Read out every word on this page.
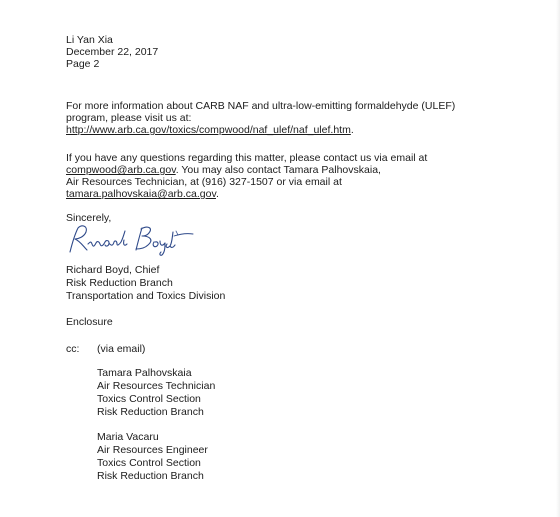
Li Yan Xia
December 22, 2017
Page 2
For more information about CARB NAF and ultra-low-emitting formaldehyde (ULEF)
program, please visit us at:
http://www.arb.ca.gov/toxics/compwood/naf_ulef/naf_ulef.htm.
If you have any questions regarding this matter, please contact us via email at
compwood@arb.ca.gov. You may also contact Tamara Palhovskaia,
Air Resources Technician, at (916) 327-1507 or via email at
tamara.palhovskaia@arb.ca.gov.
Sincerely,
Richard Boyd, Chief
Risk Reduction Branch
Transportation and Toxics Division
Enclosure
cc: (via email)
Tamara Palhovskaia
Air Resources Technician
Toxics Control Section
Risk Reduction Branch
Maria Vacaru
Air Resources Engineer
Toxics Control Section
Risk Reduction Branch
